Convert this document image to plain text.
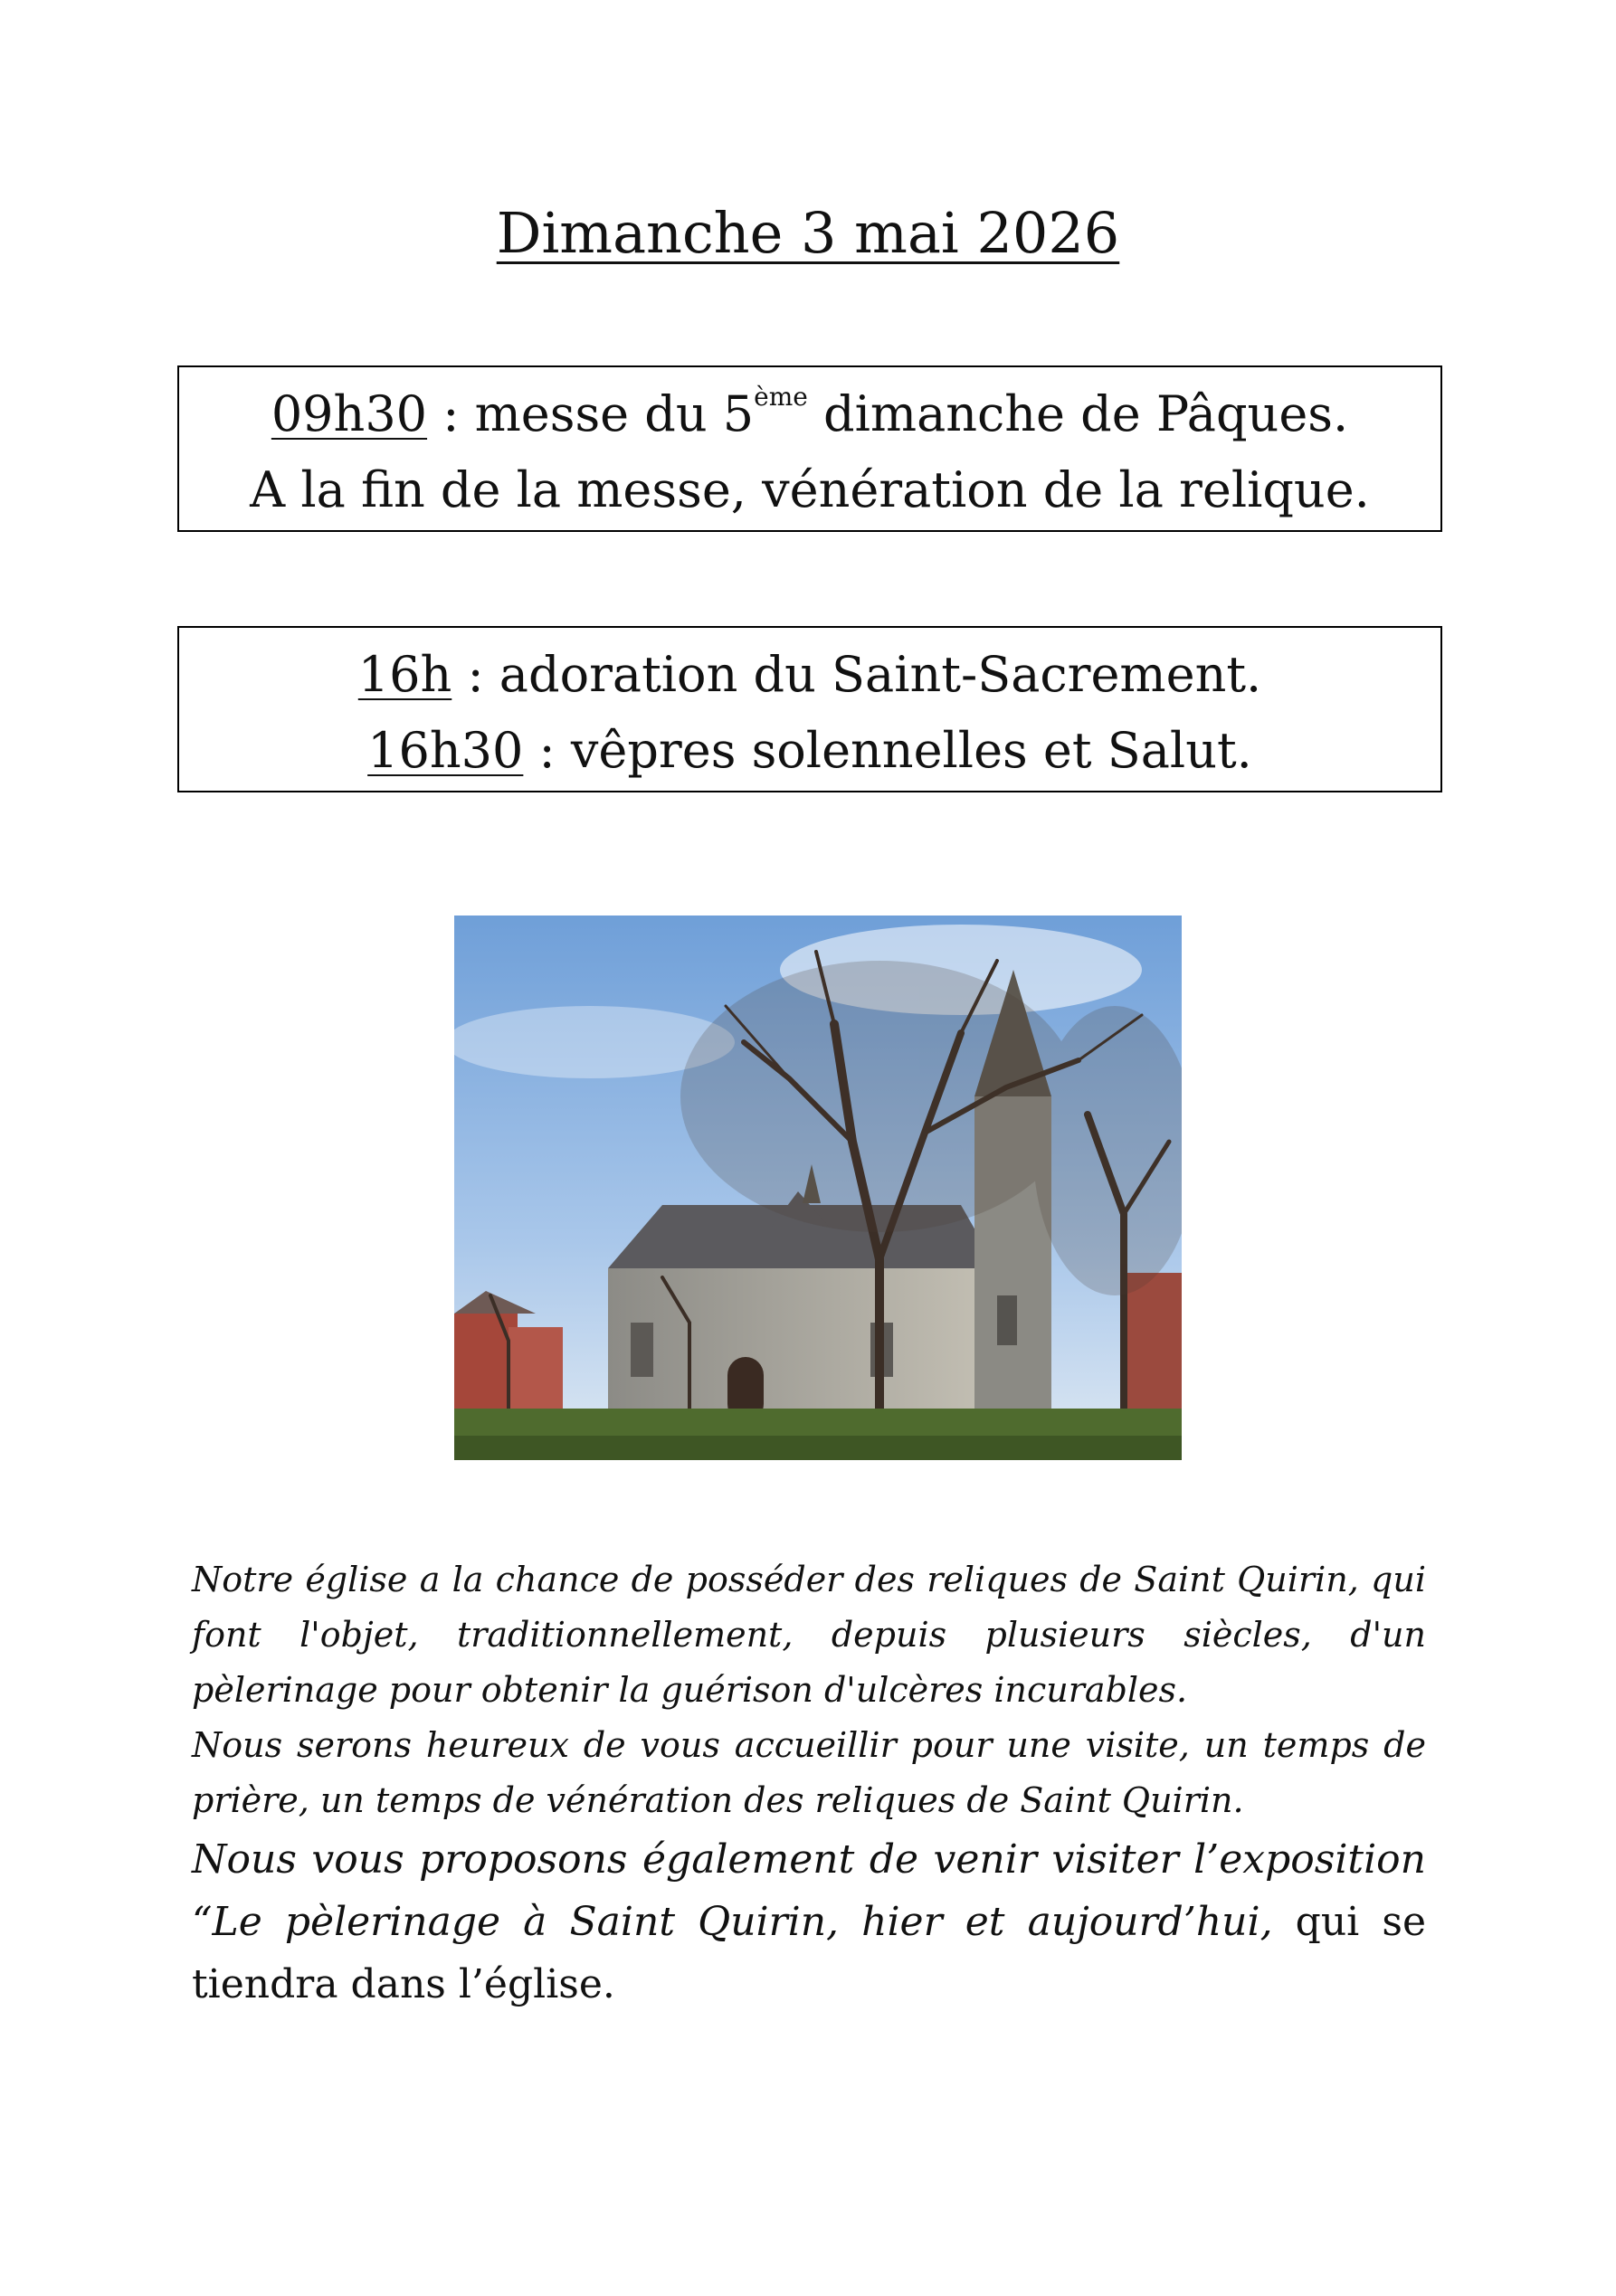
Dimanche 3 mai 2026
09h30 : messe du 5ème dimanche de Pâques.
A la fin de la messe, vénération de la relique.
16h : adoration du Saint-Sacrement.
16h30 : vêpres solennelles et Salut.

Notre église a la chance de posséder des reliques de Saint Quirin, qui font l'objet, traditionnellement, depuis plusieurs siècles, d'un pèlerinage pour obtenir la guérison d'ulcères incurables.

Nous serons heureux de vous accueillir pour une visite, un temps de prière, un temps de vénération des reliques de Saint Quirin.

Nous vous proposons également de venir visiter l’exposition “Le pèlerinage à Saint Quirin, hier et aujourd’hui, qui se tiendra dans l’église.
